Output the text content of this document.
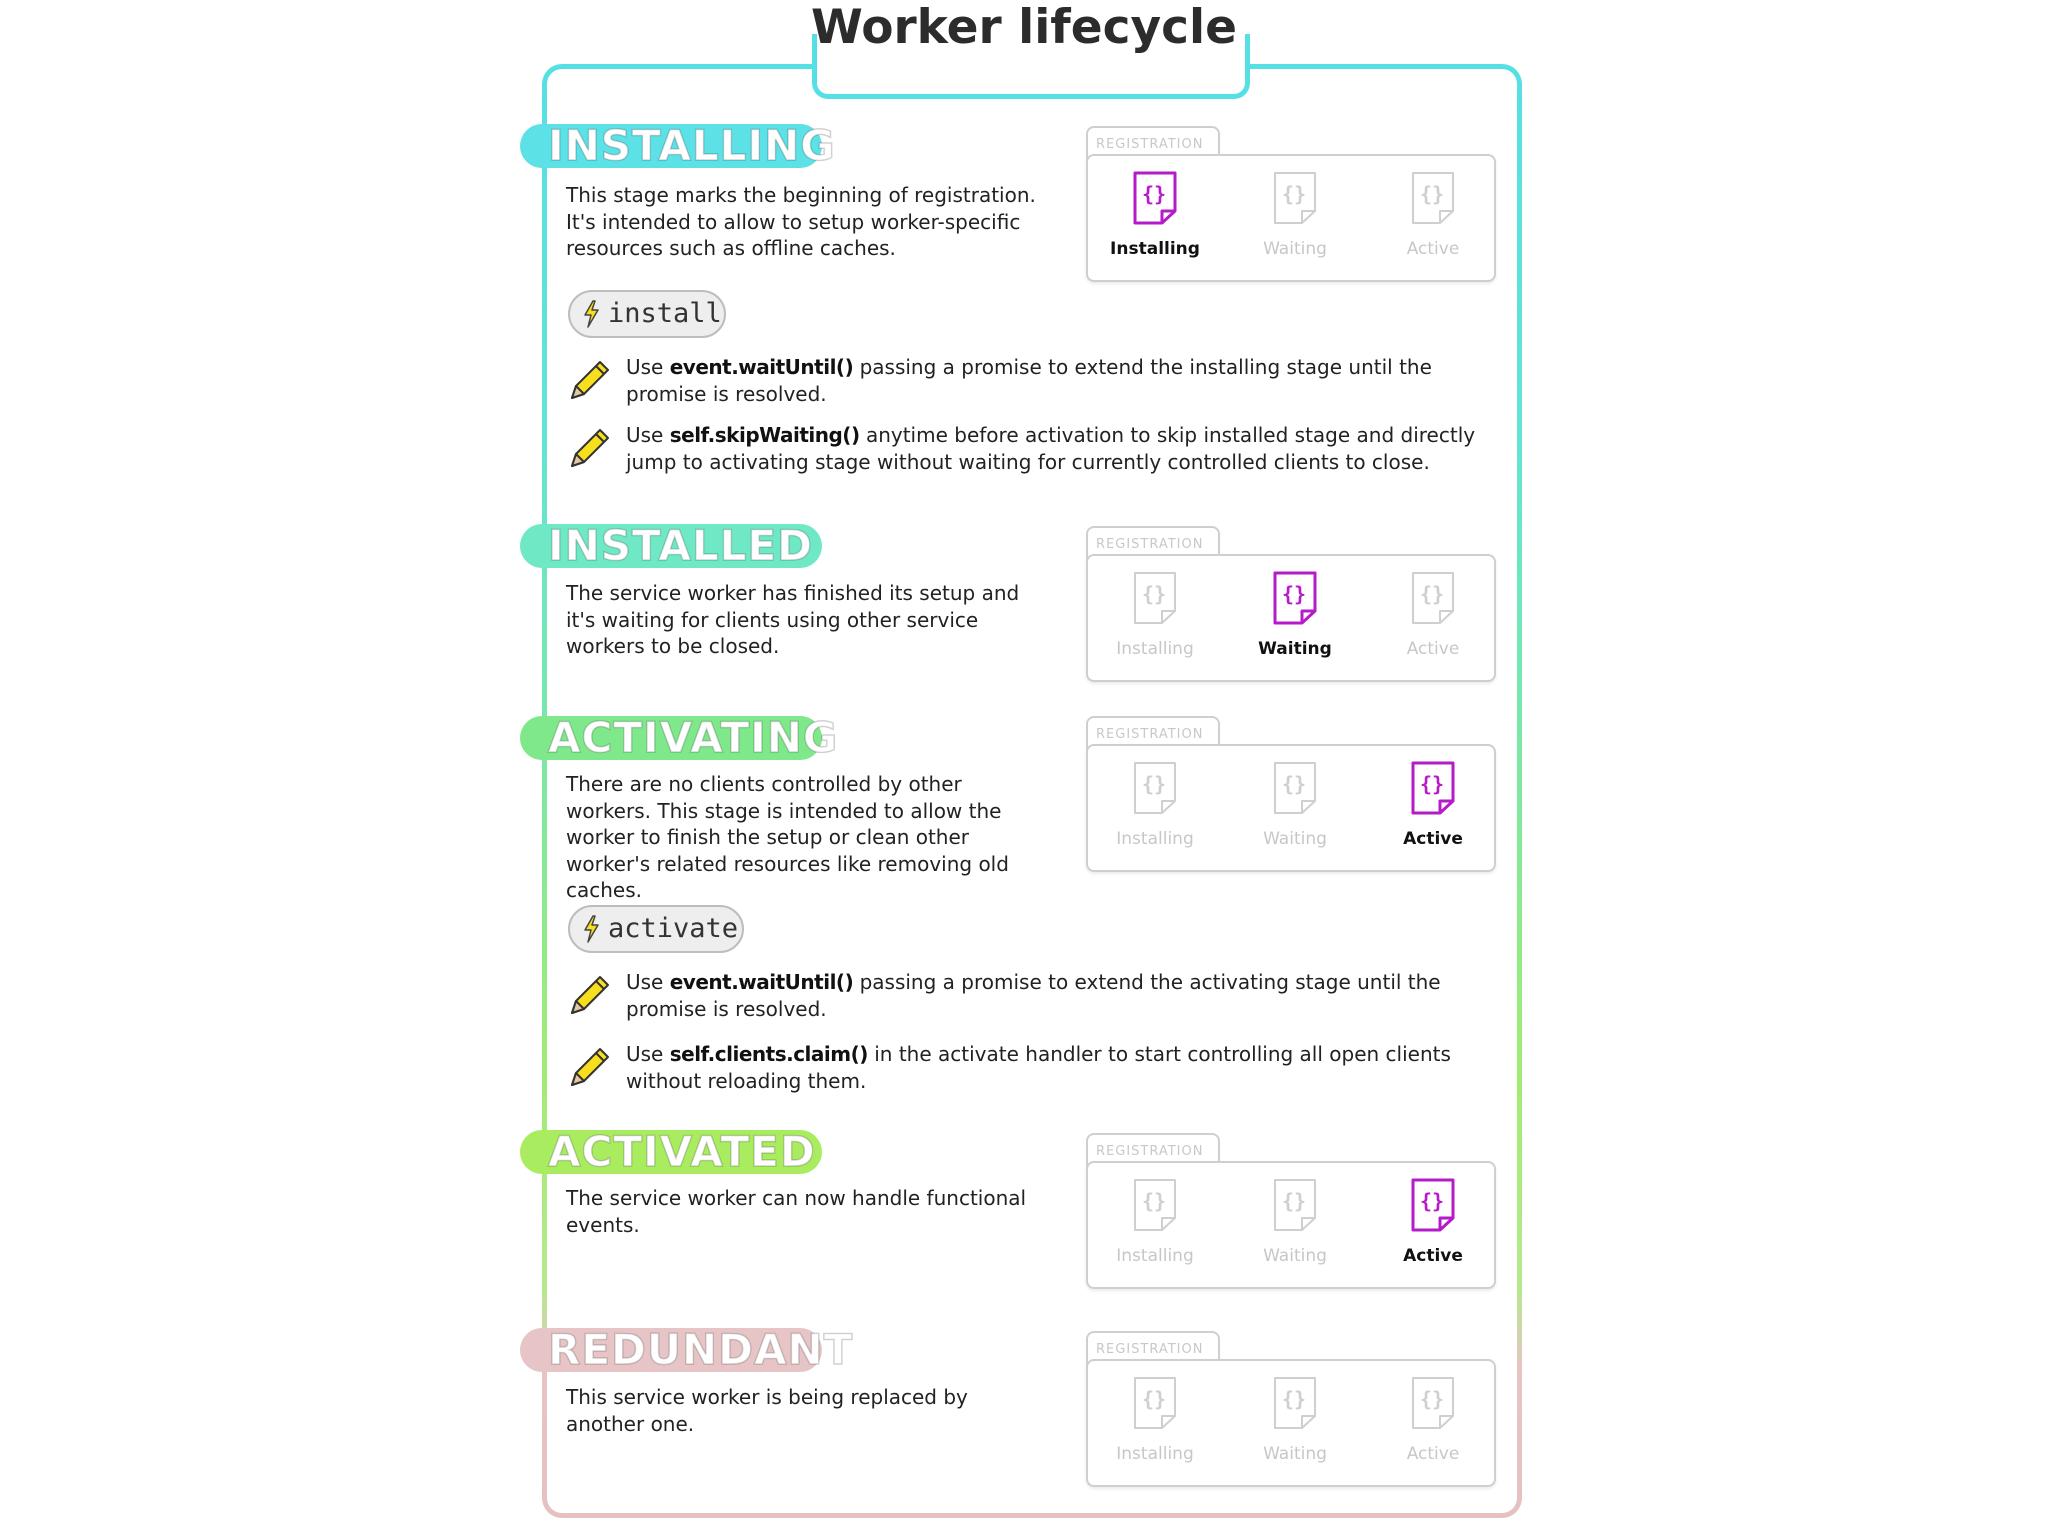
Worker lifecycle
INSTALLING
This stage marks the beginning of registration. It's intended to allow to setup worker-specific resources such as offline caches.
install
Use event.waitUntil() passing a promise to extend the installing stage until the promise is resolved.
Use self.skipWaiting() anytime before activation to skip installed stage and directly jump to activating stage without waiting for currently controlled clients to close.
REGISTRATION
{}
Installing
{}
Waiting
{}
Active
INSTALLED
The service worker has finished its setup and it's waiting for clients using other service workers to be closed.
REGISTRATION
{}
Installing
{}
Waiting
{}
Active
ACTIVATING
There are no clients controlled by other workers. This stage is intended to allow the worker to finish the setup or clean other worker's related resources like removing old caches.
activate
Use event.waitUntil() passing a promise to extend the activating stage until the promise is resolved.
Use self.clients.claim() in the activate handler to start controlling all open clients without reloading them.
REGISTRATION
{}
Installing
{}
Waiting
{}
Active
ACTIVATED
The service worker can now handle functional events.
REGISTRATION
{}
Installing
{}
Waiting
{}
Active
REDUNDANT
This service worker is being replaced by another one.
REGISTRATION
{}
Installing
{}
Waiting
{}
Active
